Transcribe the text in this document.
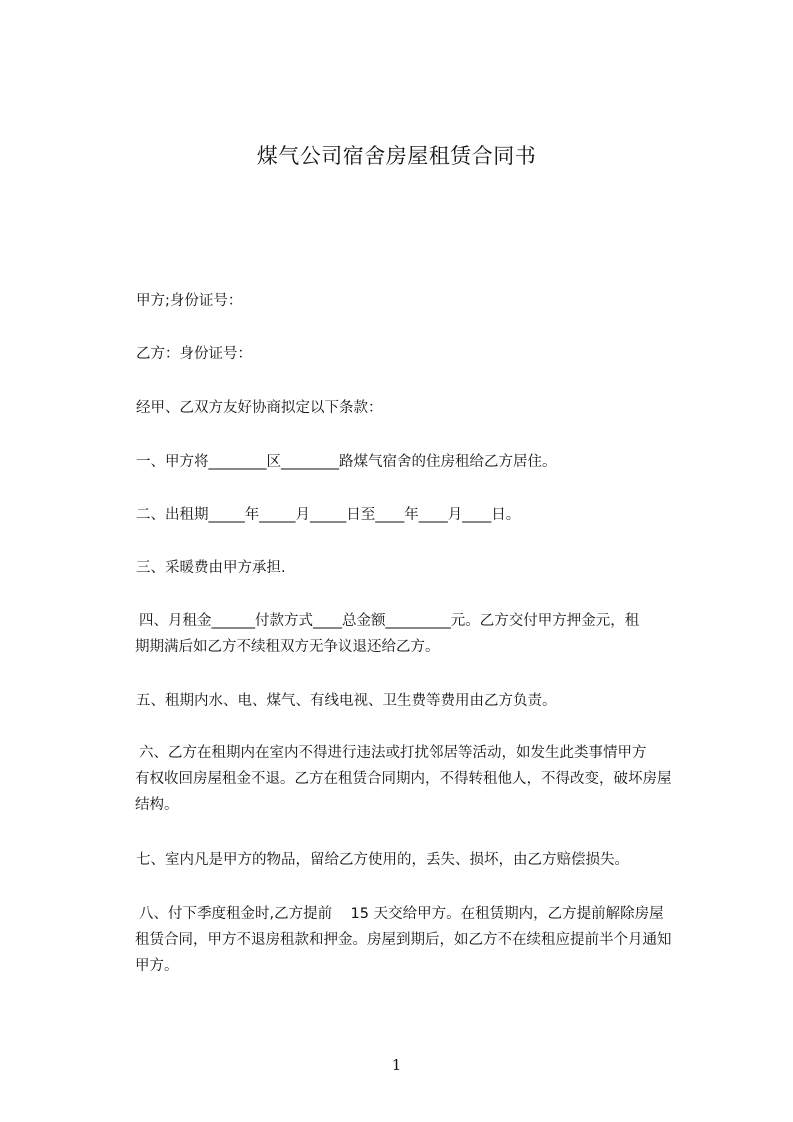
煤气公司宿舍房屋租赁合同书
甲方;身份证号：
乙方：身份证号：
经甲、乙双方友好协商拟定以下条款：
一、甲方将________区________路煤气宿舍的住房租给乙方居住。
二、出租期_____年_____月_____日至____年____月____日。
三、采暖费由甲方承担.
四、月租金______付款方式____总金额_________元。乙方交付甲方押金元，租
期期满后如乙方不续租双方无争议退还给乙方。
五、租期内水、电、煤气、有线电视、卫生费等费用由乙方负责。
六、乙方在租期内在室内不得进行违法或打扰邻居等活动，如发生此类事情甲方
有权收回房屋租金不退。乙方在租赁合同期内，不得转租他人，不得改变，破坏房屋
结构。
七、室内凡是甲方的物品，留给乙方使用的，丢失、损坏，由乙方赔偿损失。
八、付下季度租金时,乙方提前    15 天交给甲方。在租赁期内，乙方提前解除房屋
租赁合同，甲方不退房租款和押金。房屋到期后，如乙方不在续租应提前半个月通知
甲方。
1
